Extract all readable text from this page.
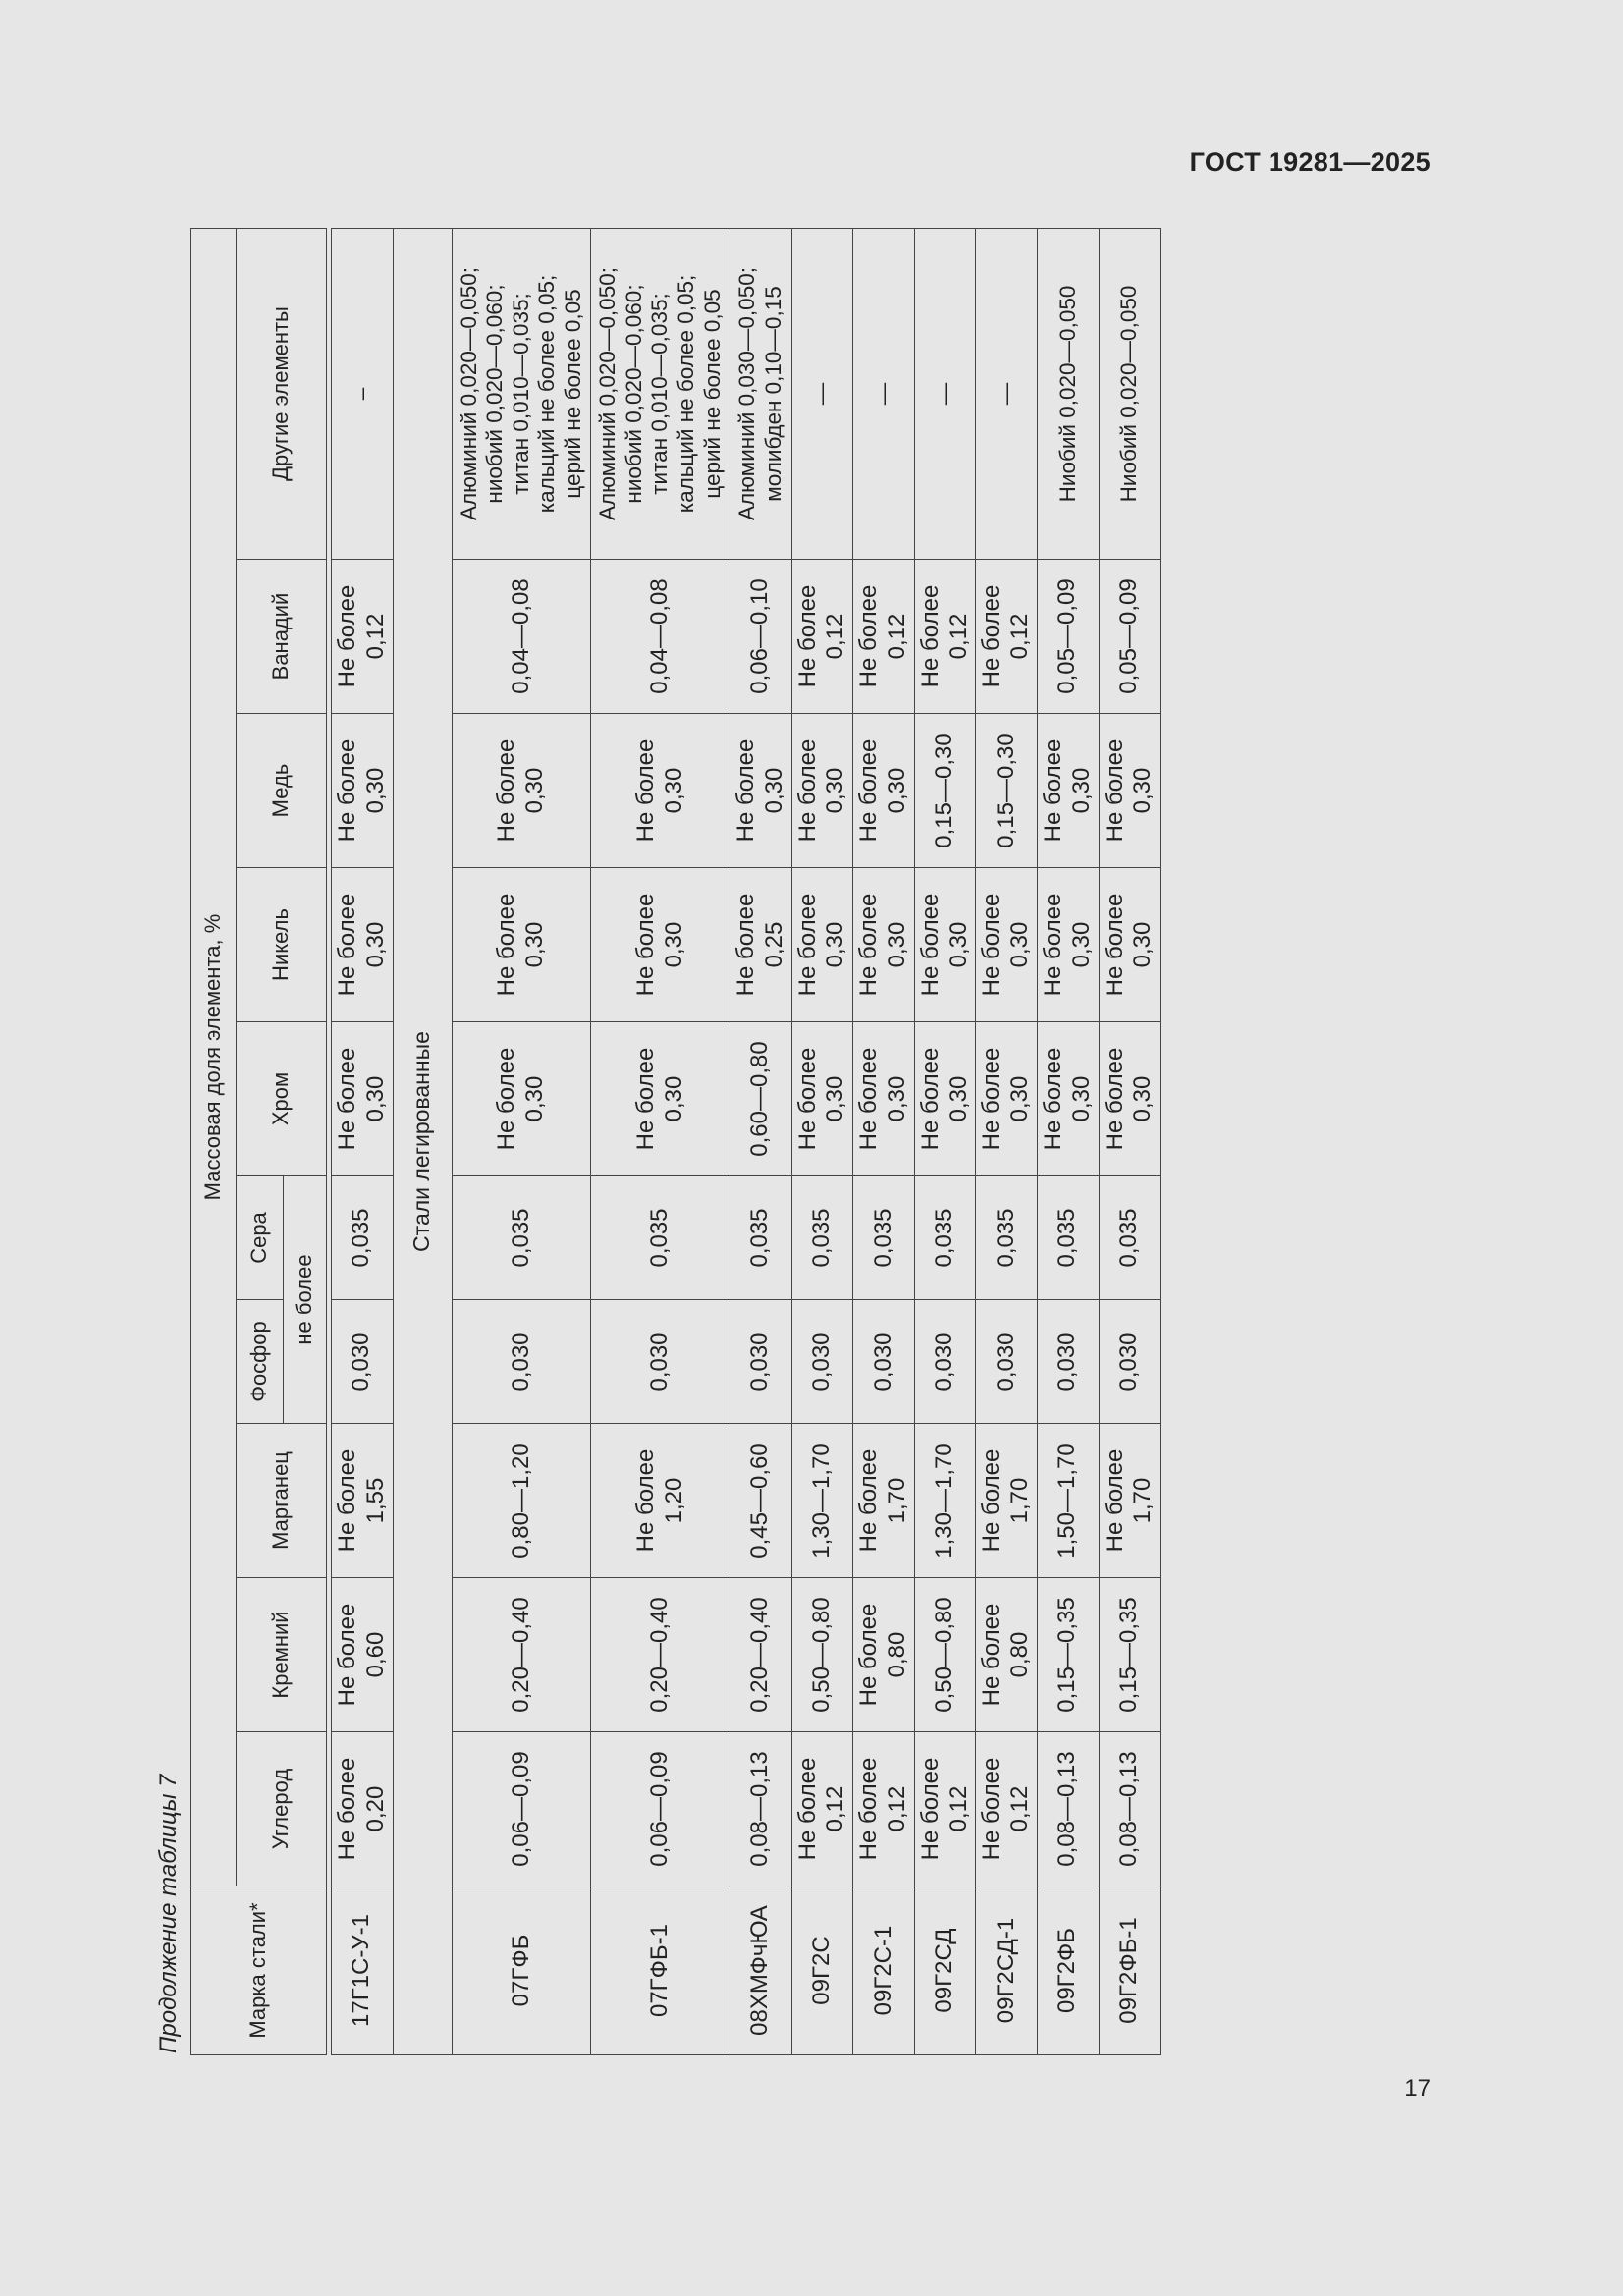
ГОСТ 19281—2025
Продолжение таблицы 7	Марка стали*	Массовая доля элемента, %									
	Углерод	Кремний	Марганец	Фосфор	Сера	Хром	Никель	Медь	Ванадий	Другие элементы
				не более						

17Г1С-У-1	Не более 0,20	Не более 0,60	Не более 1,55	0,030	0,035	Не более 0,30	Не более 0,30	Не более 0,30	Не более 0,12	–

Стали легированные										
07ГФБ	0,06—0,09	0,20—0,40	0,80—1,20	0,030	0,035	Не более 0,30	Не более 0,30	Не более 0,30	0,04—0,08	Алюминий 0,020—0,050; ниобий 0,020—0,060; титан 0,010—0,035; кальций не более 0,05; церий не более 0,05

07ГФБ-1	0,06—0,09	0,20—0,40	Не более 1,20	0,030	0,035	Не более 0,30	Не более 0,30	Не более 0,30	0,04—0,08	Алюминий 0,020—0,050; ниобий 0,020—0,060; титан 0,010—0,035; кальций не более 0,05; церий не более 0,05

08ХМФчЮА	0,08—0,13	0,20—0,40	0,45—0,60	0,030	0,035	0,60—0,80	Не более 0,25	Не более 0,30	0,06—0,10	Алюминий 0,030—0,050; молибден 0,10—0,15

09Г2С	Не более 0,12	0,50—0,80	1,30—1,70	0,030	0,035	Не более 0,30	Не более 0,30	Не более 0,30	Не более 0,12	—

09Г2С-1	Не более 0,12	Не более 0,80	Не более 1,70	0,030	0,035	Не более 0,30	Не более 0,30	Не более 0,30	Не более 0,12	—

09Г2СД	Не более 0,12	0,50—0,80	1,30—1,70	0,030	0,035	Не более 0,30	Не более 0,30	0,15—0,30	Не более 0,12	—

09Г2СД-1	Не более 0,12	Не более 0,80	Не более 1,70	0,030	0,035	Не более 0,30	Не более 0,30	0,15—0,30	Не более 0,12	—

09Г2ФБ	0,08—0,13	0,15—0,35	1,50—1,70	0,030	0,035	Не более 0,30	Не более 0,30	Не более 0,30	0,05—0,09	Ниобий 0,020—0,050

09Г2ФБ-1	0,08—0,13	0,15—0,35	Не более 1,70	0,030	0,035	Не более 0,30	Не более 0,30	Не более 0,30	0,05—0,09	Ниобий 0,020—0,050
17
